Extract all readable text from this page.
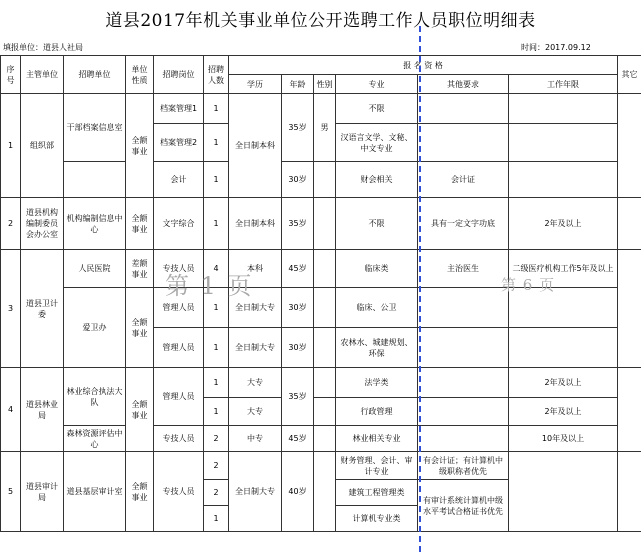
道县2017年机关事业单位公开选聘工作人员职位明细表
填报单位：道县人社局	时间：2017.09.12
序号	主管单位	招聘单位	单位性质	招聘岗位	招聘人数	报 名 资 格						其它
						学历	年龄	性别	专业	其他要求	工作年限	
1	组织部	干部档案信息室	全额事业	档案管理1	1	全日制本科	35岁	男	不限			
				档案管理2	1				汉语言文学、文秘、中文专业			
				会计	1		30岁		财会相关	会计证		
2	道县机构编制委员会办公室	机构编制信息中心	全额事业	文字综合	1	全日制本科	35岁		不限	具有一定文字功底	2年及以上	
3	道县卫计委	人民医院	差额事业	专技人员	4	本科	45岁		临床类	主治医生	二级医疗机构工作5年及以上	
		爱卫办	全额事业	管理人员	1	全日制大专	30岁		临床、公卫			
				管理人员	1	全日制大专	30岁		农林水、城建规划、环保			
4	道县林业局	林业综合执法大队	全额事业	管理人员	1	大专	35岁		法学类		2年及以上	
					1	大专			行政管理		2年及以上	
		森林资源评估中心		专技人员	2	中专	45岁		林业相关专业		10年及以上	
5	道县审计局	道县基层审计室	全额事业	专技人员	2	全日制大专	40岁		财务管理、会计、审计专业	有会计证；有计算机中级职称者优先		
					2				建筑工程管理类	有审计系统计算机中级水平考试合格证书优先		
					1				计算机专业类			
第 1 页	第 6 页
